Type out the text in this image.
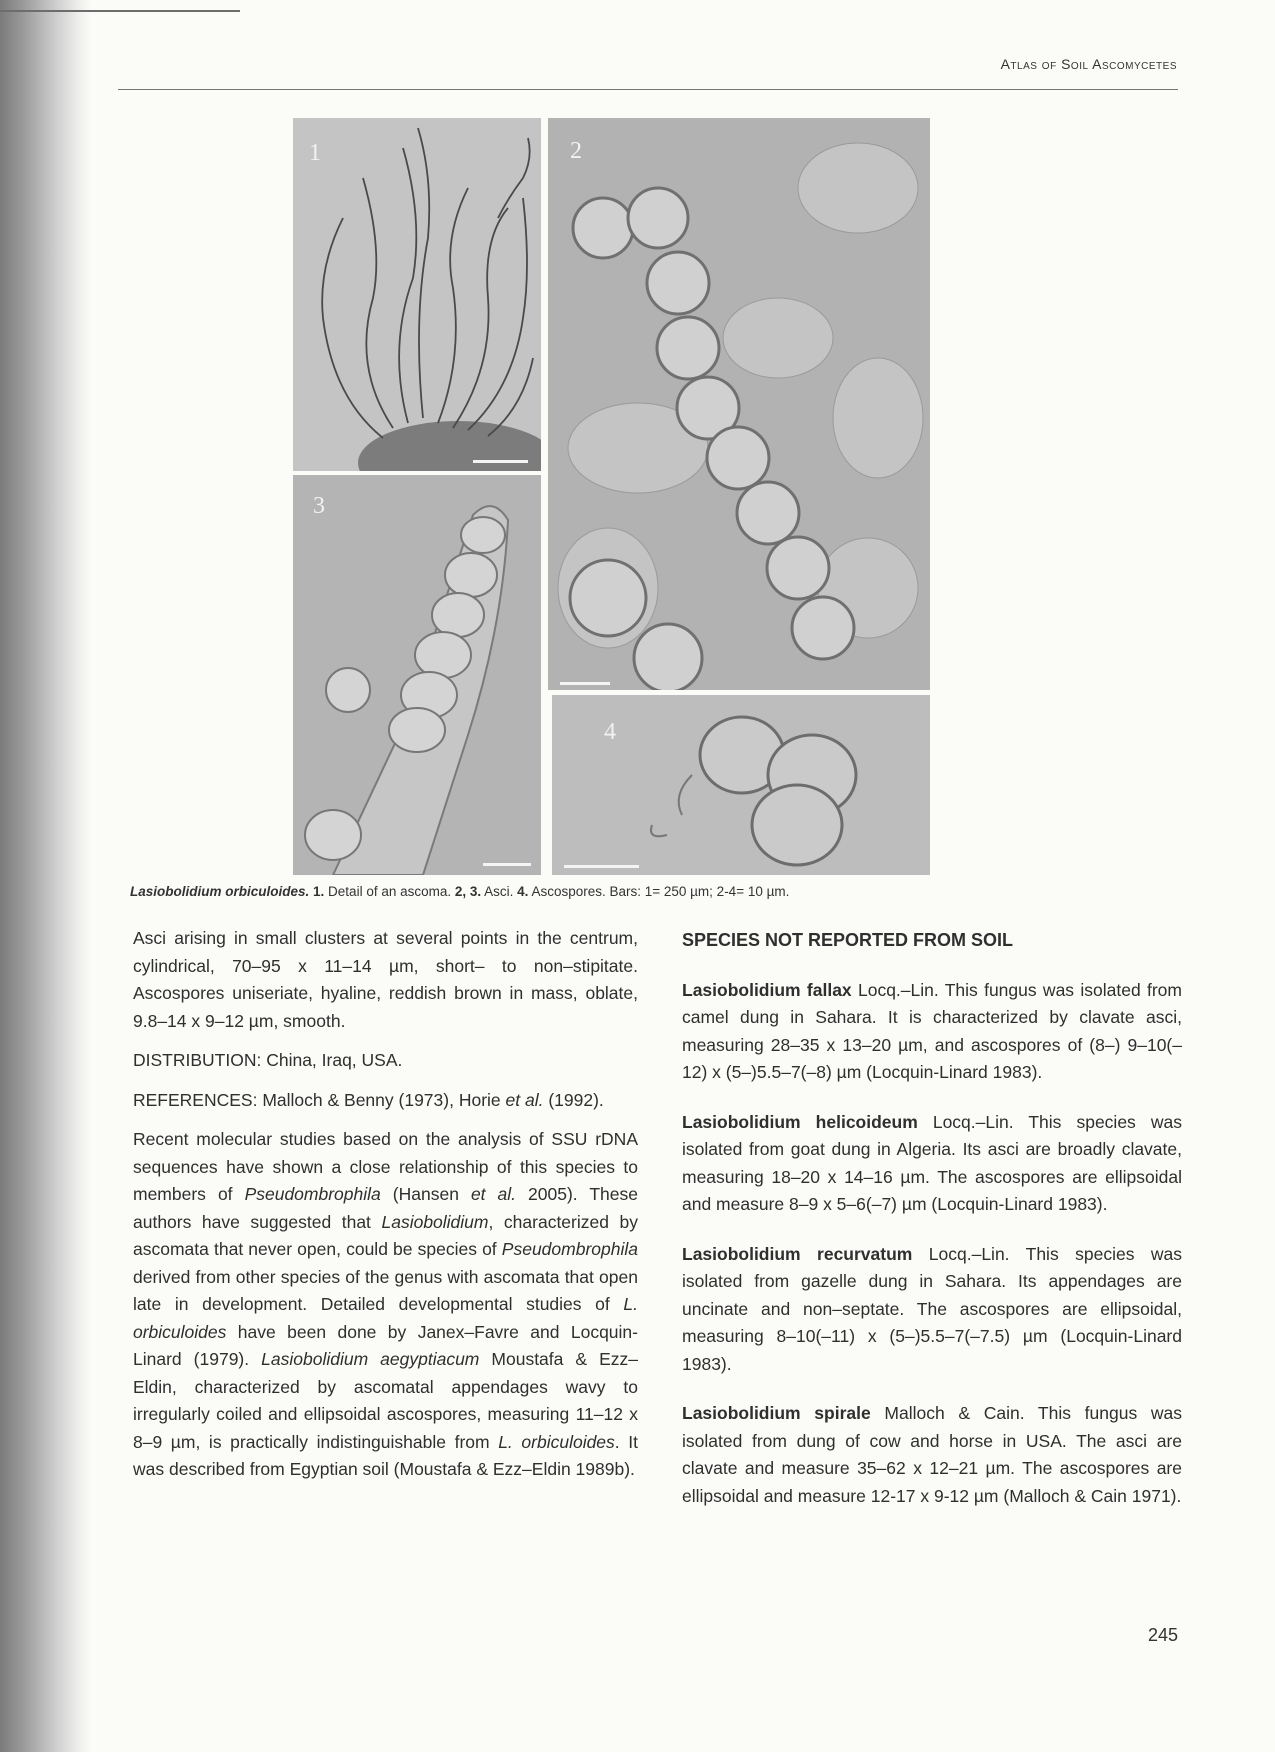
Atlas of Soil Ascomycetes
1	2
3
4
Lasiobolidium orbiculoides. 1. Detail of an ascoma. 2, 3. Asci. 4. Ascospores. Bars: 1= 250 µm; 2-4= 10 µm.

Asci arising in small clusters at several points in the centrum, cylindrical, 70–95 x 11–14 µm, short– to non–stipitate. Ascospores uniseriate, hyaline, reddish brown in mass, oblate, 9.8–14 x 9–12 µm, smooth.

DISTRIBUTION: China, Iraq, USA.

REFERENCES: Malloch & Benny (1973), Horie et al. (1992).

Recent molecular studies based on the analysis of SSU rDNA sequences have shown a close relationship of this species to members of Pseudombrophila (Hansen et al. 2005). These authors have suggested that Lasiobolidium, characterized by ascomata that never open, could be species of Pseudombrophila derived from other species of the genus with ascomata that open late in development. Detailed developmental studies of L. orbiculoides have been done by Janex–Favre and Locquin-Linard (1979). Lasiobolidium aegyptiacum Moustafa & Ezz–Eldin, characterized by ascomatal appendages wavy to irregularly coiled and ellipsoidal ascospores, measuring 11–12 x 8–9 µm, is practically indistinguishable from L. orbiculoides. It was described from Egyptian soil (Moustafa & Ezz–Eldin 1989b).

SPECIES NOT REPORTED FROM SOIL

Lasiobolidium fallax Locq.–Lin. This fungus was isolated from camel dung in Sahara. It is characterized by clavate asci, measuring 28–35 x 13–20 µm, and ascospores of (8–) 9–10(–12) x (5–)5.5–7(–8) µm (Locquin-Linard 1983).

Lasiobolidium helicoideum Locq.–Lin. This species was isolated from goat dung in Algeria. Its asci are broadly clavate, measuring 18–20 x 14–16 µm. The ascospores are ellipsoidal and measure 8–9 x 5–6(–7) µm (Locquin-Linard 1983).

Lasiobolidium recurvatum Locq.–Lin. This species was isolated from gazelle dung in Sahara. Its appendages are uncinate and non–septate. The ascospores are ellipsoidal, measuring 8–10(–11) x (5–)5.5–7(–7.5) µm (Locquin-Linard 1983).

Lasiobolidium spirale Malloch & Cain. This fungus was isolated from dung of cow and horse in USA. The asci are clavate and measure 35–62 x 12–21 µm. The ascospores are ellipsoidal and measure 12-17 x 9-12 µm (Malloch & Cain 1971).

245
